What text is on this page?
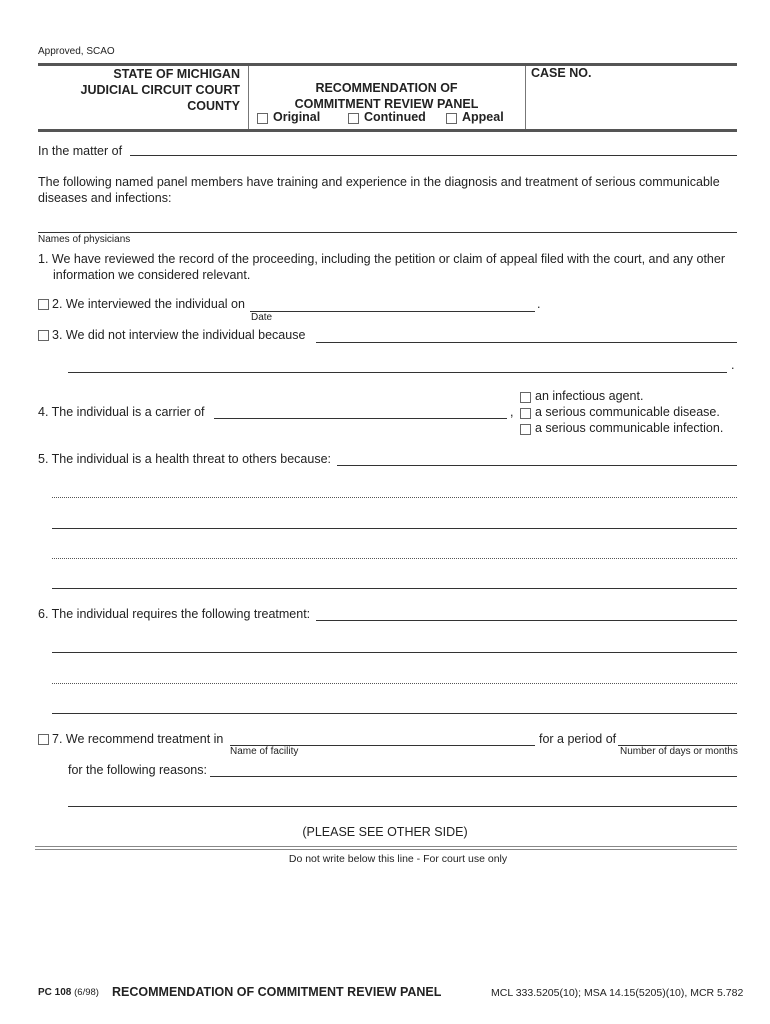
Approved, SCAO
STATE OF MICHIGAN
JUDICIAL CIRCUIT COURT
COUNTY
RECOMMENDATION OF
COMMITMENT REVIEW PANEL
Original	Continued	Appeal
CASE NO.
In the matter of
The following named panel members have training and experience in the diagnosis and treatment of serious communicable
diseases and infections:
Names of physicians
1. We have reviewed the record of the proceeding, including the petition or claim of appeal filed with the court, and any other
information we considered relevant.
2. We interviewed the individual on	.
Date
3. We did not interview the individual because
.
4. The individual is a carrier of	,
an infectious agent.
a serious communicable disease.
a serious communicable infection.
5. The individual is a health threat to others because:
6. The individual requires the following treatment:
7. We recommend treatment in	for a period of
Name of facility	Number of days or months
for the following reasons:
(PLEASE SEE OTHER SIDE)
Do not write below this line - For court use only
PC 108 (6/98) RECOMMENDATION OF COMMITMENT REVIEW PANEL	MCL 333.5205(10); MSA 14.15(5205)(10), MCR 5.782
